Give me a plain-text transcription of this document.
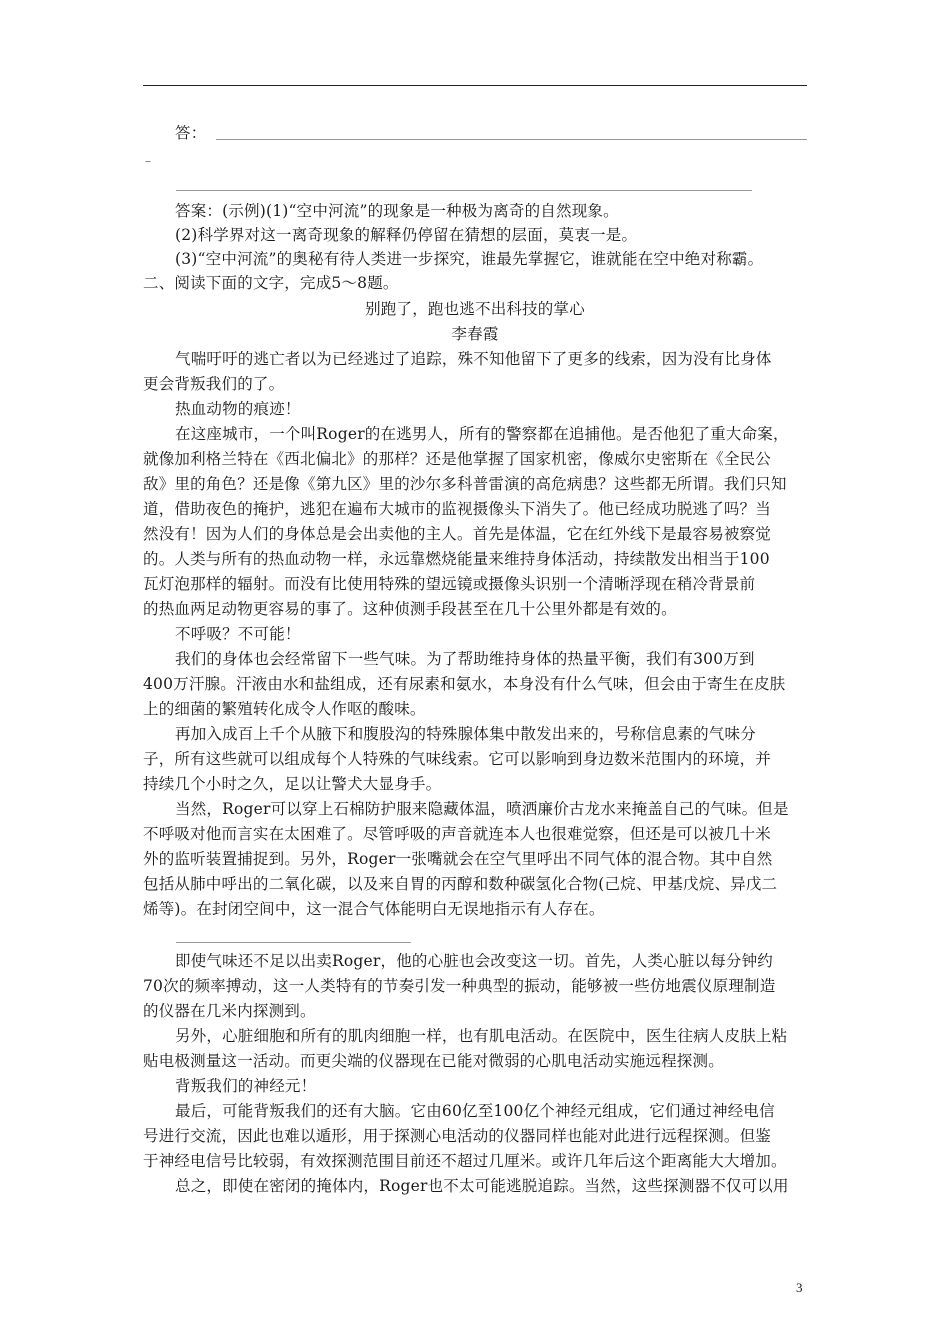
答：
–
答案：(示例)(1)“空中河流”的现象是一种极为离奇的自然现象。
(2)科学界对这一离奇现象的解释仍停留在猜想的层面，莫衷一是。
(3)“空中河流”的奥秘有待人类进一步探究，谁最先掌握它，谁就能在空中绝对称霸。
二、阅读下面的文字，完成5～8题。
别跑了，跑也逃不出科技的掌心
李春霞
气喘吁吁的逃亡者以为已经逃过了追踪，殊不知他留下了更多的线索，因为没有比身体
更会背叛我们的了。
热血动物的痕迹！
在这座城市，一个叫Roger的在逃男人，所有的警察都在追捕他。是否他犯了重大命案，
就像加利格兰特在《西北偏北》的那样？还是他掌握了国家机密，像威尔史密斯在《全民公
敌》里的角色？还是像《第九区》里的沙尔多科普雷演的高危病患？这些都无所谓。我们只知
道，借助夜色的掩护，逃犯在遍布大城市的监视摄像头下消失了。他已经成功脱逃了吗？当
然没有！因为人们的身体总是会出卖他的主人。首先是体温，它在红外线下是最容易被察觉
的。人类与所有的热血动物一样，永远靠燃烧能量来维持身体活动，持续散发出相当于100
瓦灯泡那样的辐射。而没有比使用特殊的望远镜或摄像头识别一个清晰浮现在稍冷背景前
的热血两足动物更容易的事了。这种侦测手段甚至在几十公里外都是有效的。
不呼吸？不可能！
我们的身体也会经常留下一些气味。为了帮助维持身体的热量平衡，我们有300万到
400万汗腺。汗液由水和盐组成，还有尿素和氨水，本身没有什么气味，但会由于寄生在皮肤
上的细菌的繁殖转化成令人作呕的酸味。
再加入成百上千个从腋下和腹股沟的特殊腺体集中散发出来的，号称信息素的气味分
子，所有这些就可以组成每个人特殊的气味线索。它可以影响到身边数米范围内的环境，并
持续几个小时之久，足以让警犬大显身手。
当然，Roger可以穿上石棉防护服来隐藏体温，喷洒廉价古龙水来掩盖自己的气味。但是
不呼吸对他而言实在太困难了。尽管呼吸的声音就连本人也很难觉察，但还是可以被几十米
外的监听装置捕捉到。另外，Roger一张嘴就会在空气里呼出不同气体的混合物。其中自然
包括从肺中呼出的二氧化碳，以及来自胃的丙醇和数种碳氢化合物(己烷、甲基戊烷、异戊二
烯等)。在封闭空间中，这一混合气体能明白无误地指示有人存在。
即使气味还不足以出卖Roger，他的心脏也会改变这一切。首先，人类心脏以每分钟约
70次的频率搏动，这一人类特有的节奏引发一种典型的振动，能够被一些仿地震仪原理制造
的仪器在几米内探测到。
另外，心脏细胞和所有的肌肉细胞一样，也有肌电活动。在医院中，医生往病人皮肤上粘
贴电极测量这一活动。而更尖端的仪器现在已能对微弱的心肌电活动实施远程探测。
背叛我们的神经元！
最后，可能背叛我们的还有大脑。它由60亿至100亿个神经元组成，它们通过神经电信
号进行交流，因此也难以遁形，用于探测心电活动的仪器同样也能对此进行远程探测。但鉴
于神经电信号比较弱，有效探测范围目前还不超过几厘米。或许几年后这个距离能大大增加。
总之，即使在密闭的掩体内，Roger也不太可能逃脱追踪。当然，这些探测器不仅可以用
3
